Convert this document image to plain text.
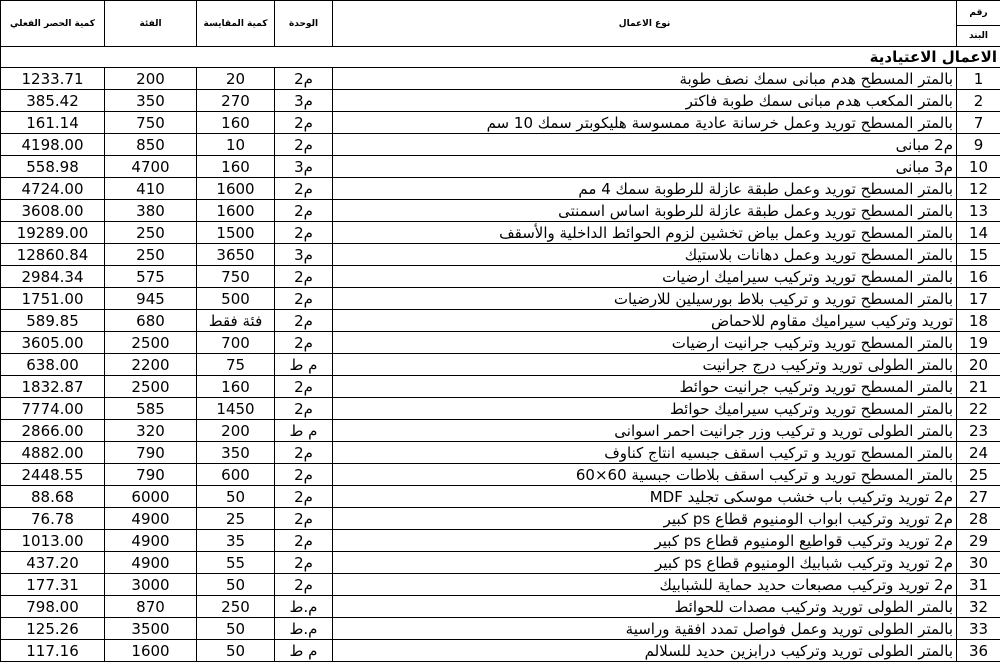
كمية الحصر الفعلي	الفئة	كمية المقايسة	الوحدة	نوع الاعمال	رقم
البند

الاعمال الاعتيادية					
1233.71	200	20	م2	بالمتر المسطح هدم مبانى سمك نصف طوبة	1
385.42	350	270	م3	بالمتر المكعب هدم مبانى سمك طوبة فاكتر	2
161.14	750	160	م2	بالمتر المسطح توريد وعمل خرسانة عادية ممسوسة هليكوبتر سمك 10 سم	7
4198.00	850	10	م2	م2 مبانى	9
558.98	4700	160	م3	م3 مبانى	10
4724.00	410	1600	م2	بالمتر المسطح توريد وعمل طبقة عازلة للرطوبة سمك 4 مم	12
3608.00	380	1600	م2	بالمتر المسطح توريد وعمل طبقة عازلة للرطوبة اساس اسمنتى	13
19289.00	250	1500	م2	بالمتر المسطح توريد وعمل بياض تخشين لزوم الحوائط الداخلية والأسقف	14
12860.84	250	3650	م3	بالمتر المسطح توريد وعمل دهانات بلاستيك	15
2984.34	575	750	م2	بالمتر المسطح توريد وتركيب سيراميك ارضيات	16
1751.00	945	500	م2	بالمتر المسطح توريد و تركيب بلاط بورسيلين للارضيات	17
589.85	680	فئة فقط	م2	توريد وتركيب سيراميك مقاوم للاحماض	18
3605.00	2500	700	م2	بالمتر المسطح توريد وتركيب جرانيت ارضيات	19
638.00	2200	75	م ط	بالمتر الطولى توريد وتركيب درج جرانيت	20
1832.87	2500	160	م2	بالمتر المسطح توريد وتركيب جرانيت حوائط	21
7774.00	585	1450	م2	بالمتر المسطح توريد وتركيب سيراميك حوائط	22
2866.00	320	200	م ط	بالمتر الطولى توريد و تركيب وزر جرانيت احمر اسوانى	23
4882.00	790	350	م2	بالمتر المسطح توريد و تركيب اسقف جبسيه انتاج كناوف	24
2448.55	790	600	م2	بالمتر المسطح توريد و تركيب اسقف بلاطات جبسية 60×60	25
88.68	6000	50	م2	م2 توريد وتركيب باب خشب موسكى تجليد MDF	27
76.78	4900	25	م2	م2 توريد وتركيب ابواب الومنيوم قطاع ps كبير	28
1013.00	4900	35	م2	م2 توريد وتركيب قواطيع الومنيوم قطاع ps كبير	29
437.20	4900	55	م2	م2 توريد وتركيب شبابيك الومنيوم قطاع ps كبير	30
177.31	3000	50	م2	م2 توريد وتركيب مصبعات حديد حماية للشبابيك	31
798.00	870	250	م.ط	بالمتر الطولى توريد وتركيب مصدات للحوائط	32
125.26	3500	50	م.ط	بالمتر الطولى توريد وعمل فواصل تمدد افقية وراسية	33
117.16	1600	50	م ط	بالمتر الطولى توريد وتركيب درابزين حديد للسلالم	36
